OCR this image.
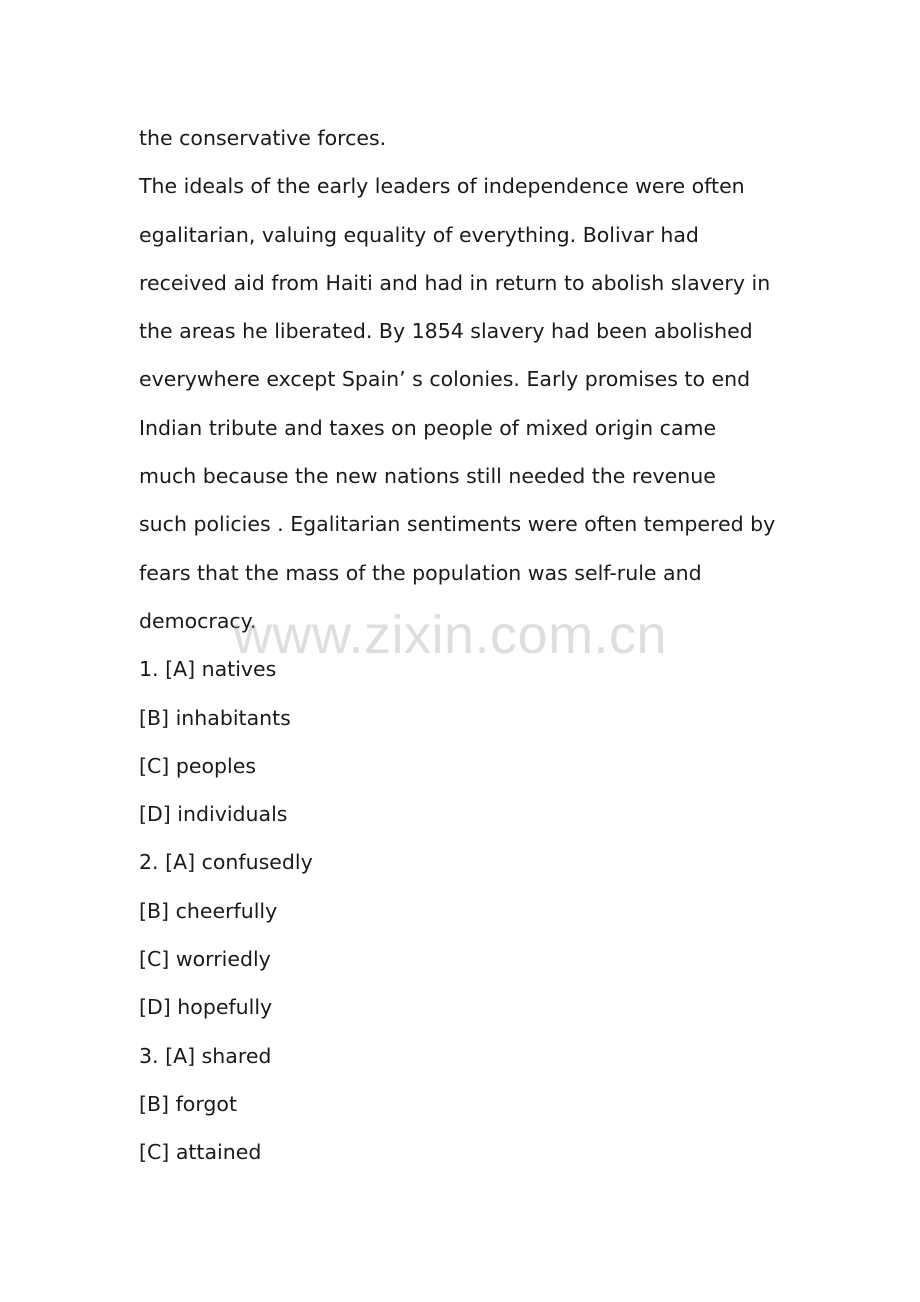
the conservative forces.
The ideals of the early leaders of independence were often
egalitarian, valuing equality of everything. Bolivar had
received aid from Haiti and had in return to abolish slavery in
the areas he liberated. By 1854 slavery had been abolished
everywhere except Spain’ s colonies. Early promises to end
Indian tribute and taxes on people of mixed origin came
much because the new nations still needed the revenue
such policies . Egalitarian sentiments were often tempered by
fears that the mass of the population was self-rule and
democracy.
1. [A] natives
[B] inhabitants
[C] peoples
[D] individuals
2. [A] confusedly
[B] cheerfully
[C] worriedly
[D] hopefully
3. [A] shared
[B] forgot
[C] attained
www.zixin.com.cn
